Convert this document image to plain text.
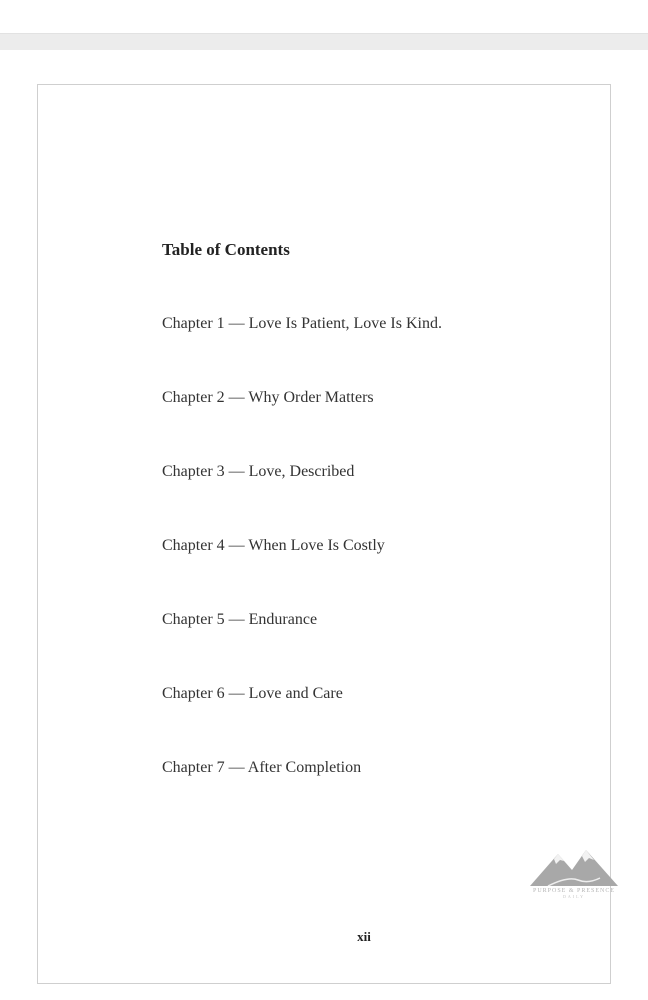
Table of Contents
Chapter 1 — Love Is Patient, Love Is Kind.
Chapter 2 — Why Order Matters
Chapter 3 — Love, Described
Chapter 4 — When Love Is Costly
Chapter 5 — Endurance
Chapter 6 — Love and Care
Chapter 7 — After Completion
PURPOSE & PRESENCE
DAILY
xii
